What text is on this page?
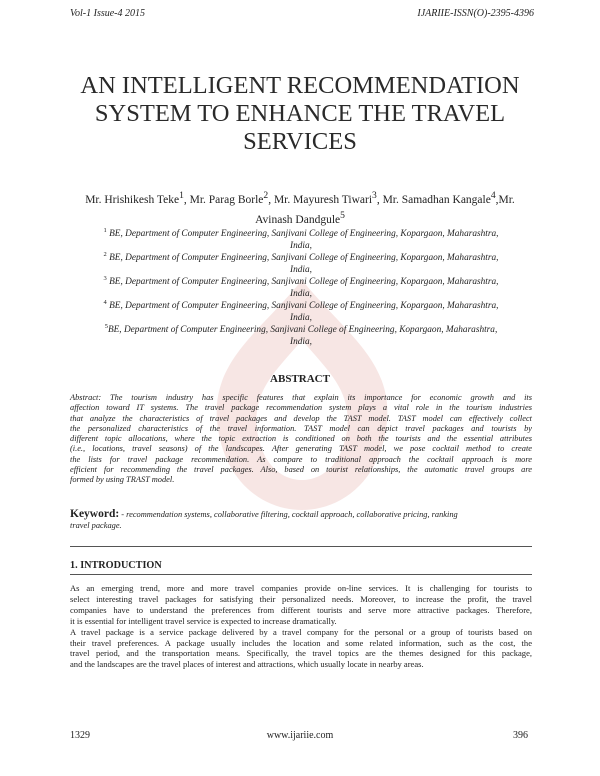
Vol-1 Issue-4 2015	IJARIIE-ISSN(O)-2395-4396
AN INTELLIGENT RECOMMENDATION
SYSTEM TO ENHANCE THE TRAVEL
SERVICES
Mr. Hrishikesh Teke$^1$, Mr. Parag Borle$^2$, Mr. Mayuresh Tiwari$^3$, Mr. Samadhan Kangale$^4$,Mr.
Avinash Dandgule$^5$
$^1$ BE, Department of Computer Engineering, Sanjivani College of Engineering, Kopargaon, Maharashtra,
India,
$^2$ BE, Department of Computer Engineering, Sanjivani College of Engineering, Kopargaon, Maharashtra,
India,
$^3$ BE, Department of Computer Engineering, Sanjivani College of Engineering, Kopargaon, Maharashtra,
India,
$^4$ BE, Department of Computer Engineering, Sanjivani College of Engineering, Kopargaon, Maharashtra,
India,
$^5$BE, Department of Computer Engineering, Sanjivani College of Engineering, Kopargaon, Maharashtra,
India,
ABSTRACT
Abstract: The tourism industry has specific features that explain its importance for economic growth and its
affection toward IT systems. The travel package recommendation system plays a vital role in the tourism industries
that analyze the characteristics of travel packages and develop the TAST model. TAST model can effectively collect
the personalized characteristics of the travel information. TAST model can depict travel packages and tourists by
different topic allocations, where the topic extraction is conditioned on both the tourists and the essential attributes
(i.e., locations, travel seasons) of the landscapes. After generating TAST model, we pose cocktail method to create
the lists for travel package recommendation. As compare to traditional approach the cocktail approach is more
efficient for recommending the travel packages. Also, based on tourist relationships, the automatic travel groups are
formed by using TRAST model.
Keyword: - recommendation systems, collaborative filtering, cocktail approach, collaborative pricing, ranking
travel package.
1. INTRODUCTION
As an emerging trend, more and more travel companies provide on-line services. It is challenging for tourists to
select interesting travel packages for satisfying their personalized needs. Moreover, to increase the profit, the travel
companies have to understand the preferences from different tourists and serve more attractive packages. Therefore,
it is essential for intelligent travel service is expected to increase dramatically.
A travel package is a service package delivered by a travel company for the personal or a group of tourists based on
their travel preferences. A package usually includes the location and some related information, such as the cost, the
travel period, and the transportation means. Specifically, the travel topics are the themes designed for this package,
and the landscapes are the travel places of interest and attractions, which usually locate in nearby areas.
1329	www.ijariie.com	396
